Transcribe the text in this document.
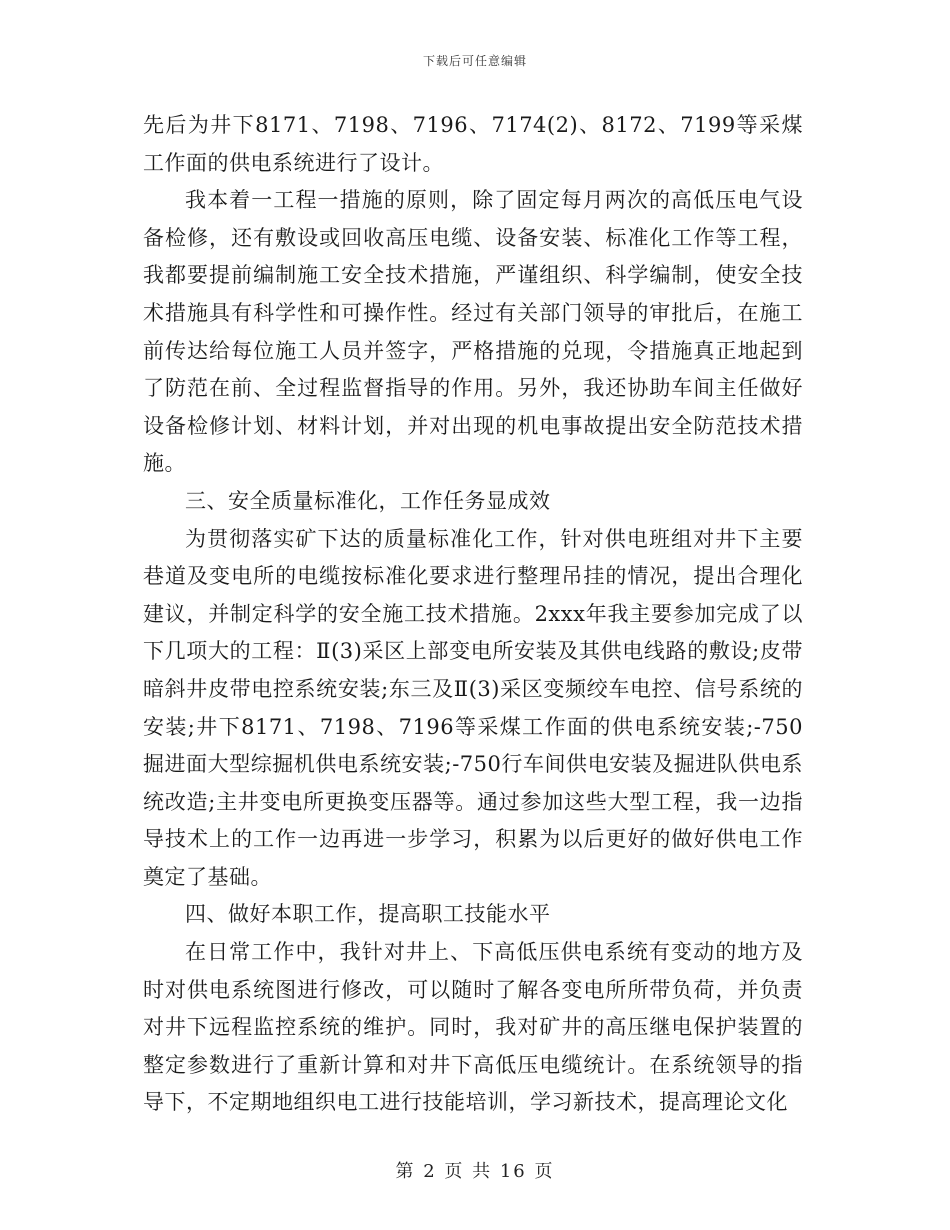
下载后可任意编辑

先后为井下8171、7198、7196、7174(2)、8172、7199等采煤工作面的供电系统进行了设计。

我本着一工程一措施的原则，除了固定每月两次的高低压电气设备检修，还有敷设或回收高压电缆、设备安装、标准化工作等工程，我都要提前编制施工安全技术措施，严谨组织、科学编制，使安全技术措施具有科学性和可操作性。经过有关部门领导的审批后，在施工前传达给每位施工人员并签字，严格措施的兑现，令措施真正地起到了防范在前、全过程监督指导的作用。另外，我还协助车间主任做好设备检修计划、材料计划，并对出现的机电事故提出安全防范技术措施。

三、安全质量标准化，工作任务显成效

为贯彻落实矿下达的质量标准化工作，针对供电班组对井下主要巷道及变电所的电缆按标准化要求进行整理吊挂的情况，提出合理化建议，并制定科学的安全施工技术措施。2xxx年我主要参加完成了以下几项大的工程：Ⅱ(3)采区上部变电所安装及其供电线路的敷设;皮带暗斜井皮带电控系统安装;东三及Ⅱ(3)采区变频绞车电控、信号系统的安装;井下8171、7198、7196等采煤工作面的供电系统安装;-750掘进面大型综掘机供电系统安装;-750行车间供电安装及掘进队供电系统改造;主井变电所更换变压器等。通过参加这些大型工程，我一边指导技术上的工作一边再进一步学习，积累为以后更好的做好供电工作奠定了基础。

四、做好本职工作，提高职工技能水平

在日常工作中，我针对井上、下高低压供电系统有变动的地方及时对供电系统图进行修改，可以随时了解各变电所所带负荷，并负责对井下远程监控系统的维护。同时，我对矿井的高压继电保护装置的整定参数进行了重新计算和对井下高低压电缆统计。在系统领导的指导下，不定期地组织电工进行技能培训，学习新技术，提高理论文化

第 2 页 共 16 页
